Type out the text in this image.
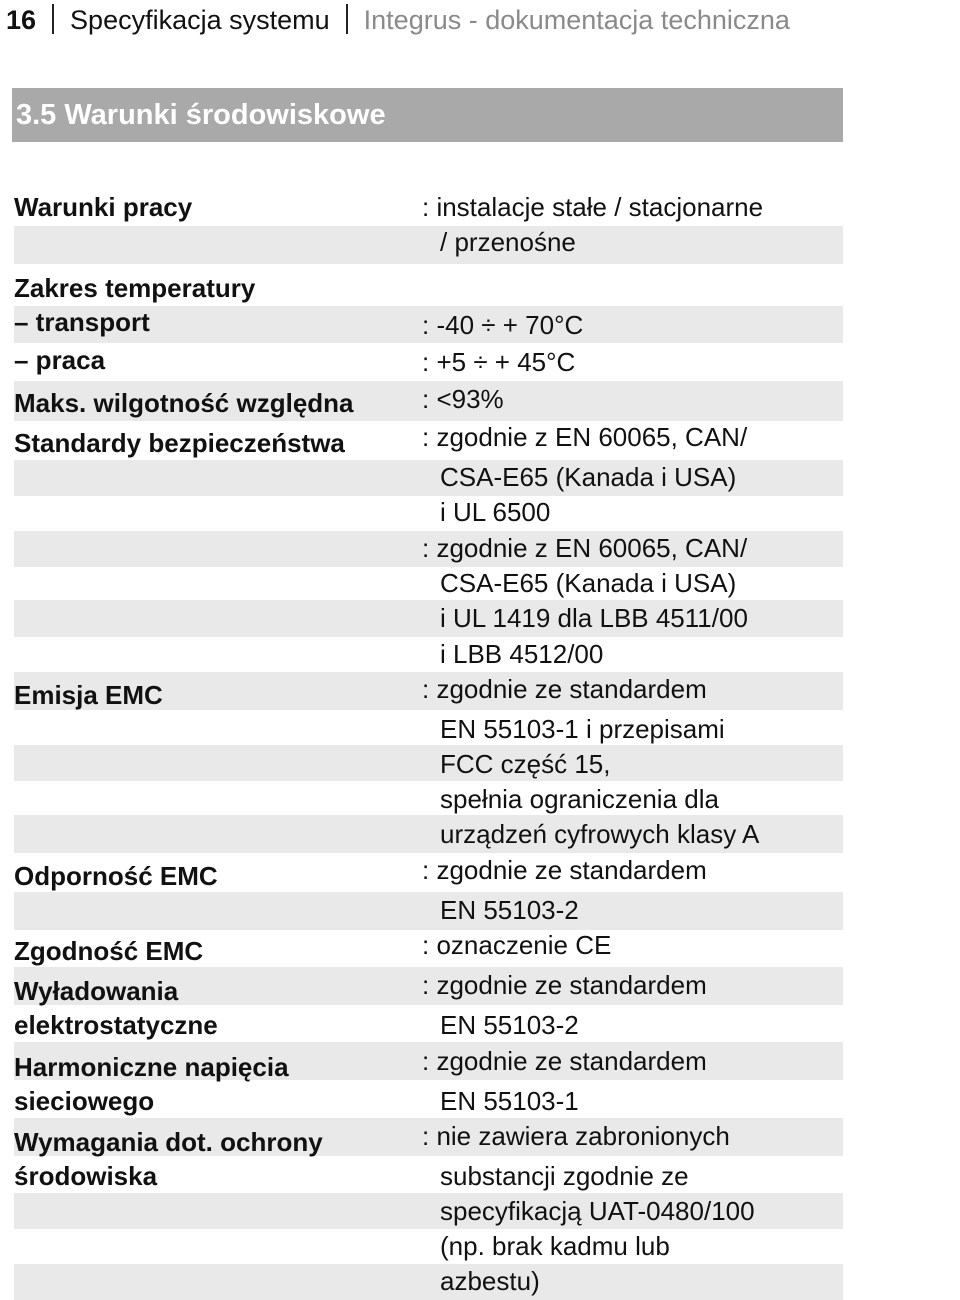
16 Specyfikacja systemu Integrus - dokumentacja techniczna
3.5 Warunki środowiskowe
Warunki pracy
Zakres temperatury
– transport
– praca
Maks. wilgotność względna
Standardy bezpieczeństwa
Emisja EMC
Odporność EMC
Zgodność EMC
Wyładowania
elektrostatyczne
Harmoniczne napięcia
sieciowego
Wymagania dot. ochrony
środowiska
: instalacje stałe / stacjonarne
/ przenośne
: -40 ÷ + 70°C
: +5 ÷ + 45°C
: <93%
: zgodnie z EN 60065, CAN/
CSA-E65 (Kanada i USA)
i UL 6500
: zgodnie z EN 60065, CAN/
CSA-E65 (Kanada i USA)
i UL 1419 dla LBB 4511/00
i LBB 4512/00
: zgodnie ze standardem
EN 55103-1 i przepisami
FCC część 15,
spełnia ograniczenia dla
urządzeń cyfrowych klasy A
: zgodnie ze standardem
EN 55103-2
: oznaczenie CE
: zgodnie ze standardem
EN 55103-2
: zgodnie ze standardem
EN 55103-1
: nie zawiera zabronionych
substancji zgodnie ze
specyfikacją UAT-0480/100
(np. brak kadmu lub
azbestu)
